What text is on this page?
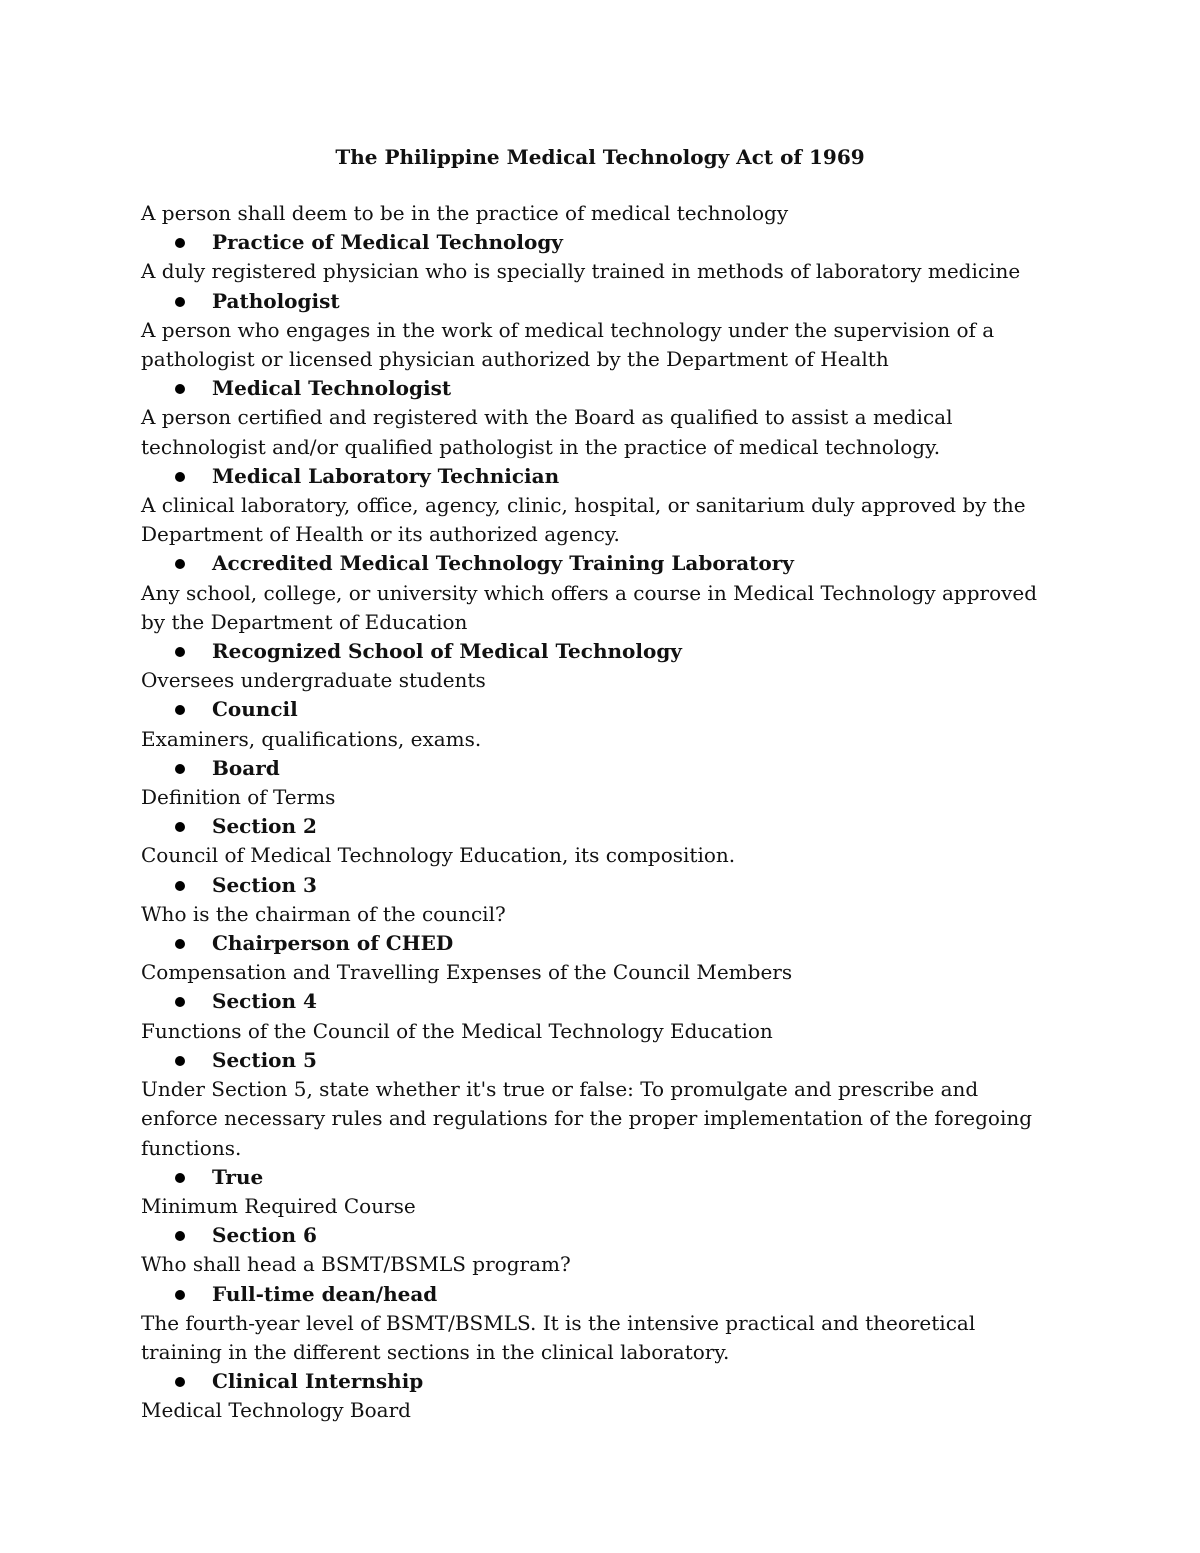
The Philippine Medical Technology Act of 1969

A person shall deem to be in the practice of medical technology

Practice of Medical Technology

A duly registered physician who is specially trained in methods of laboratory medicine

Pathologist

A person who engages in the work of medical technology under the supervision of a pathologist or licensed physician authorized by the Department of Health

Medical Technologist

A person certified and registered with the Board as qualified to assist a medical technologist and/or qualified pathologist in the practice of medical technology.

Medical Laboratory Technician

A clinical laboratory, office, agency, clinic, hospital, or sanitarium duly approved by the Department of Health or its authorized agency.

Accredited Medical Technology Training Laboratory

Any school, college, or university which offers a course in Medical Technology approved by the Department of Education

Recognized School of Medical Technology

Oversees undergraduate students

Council

Examiners, qualifications, exams.

Board

Definition of Terms

Section 2

Council of Medical Technology Education, its composition.

Section 3

Who is the chairman of the council?

Chairperson of CHED

Compensation and Travelling Expenses of the Council Members

Section 4

Functions of the Council of the Medical Technology Education

Section 5

Under Section 5, state whether it's true or false: To promulgate and prescribe and enforce necessary rules and regulations for the proper implementation of the foregoing functions.

True

Minimum Required Course

Section 6

Who shall head a BSMT/BSMLS program?

Full-time dean/head

The fourth-year level of BSMT/BSMLS. It is the intensive practical and theoretical training in the different sections in the clinical laboratory.

Clinical Internship

Medical Technology Board
